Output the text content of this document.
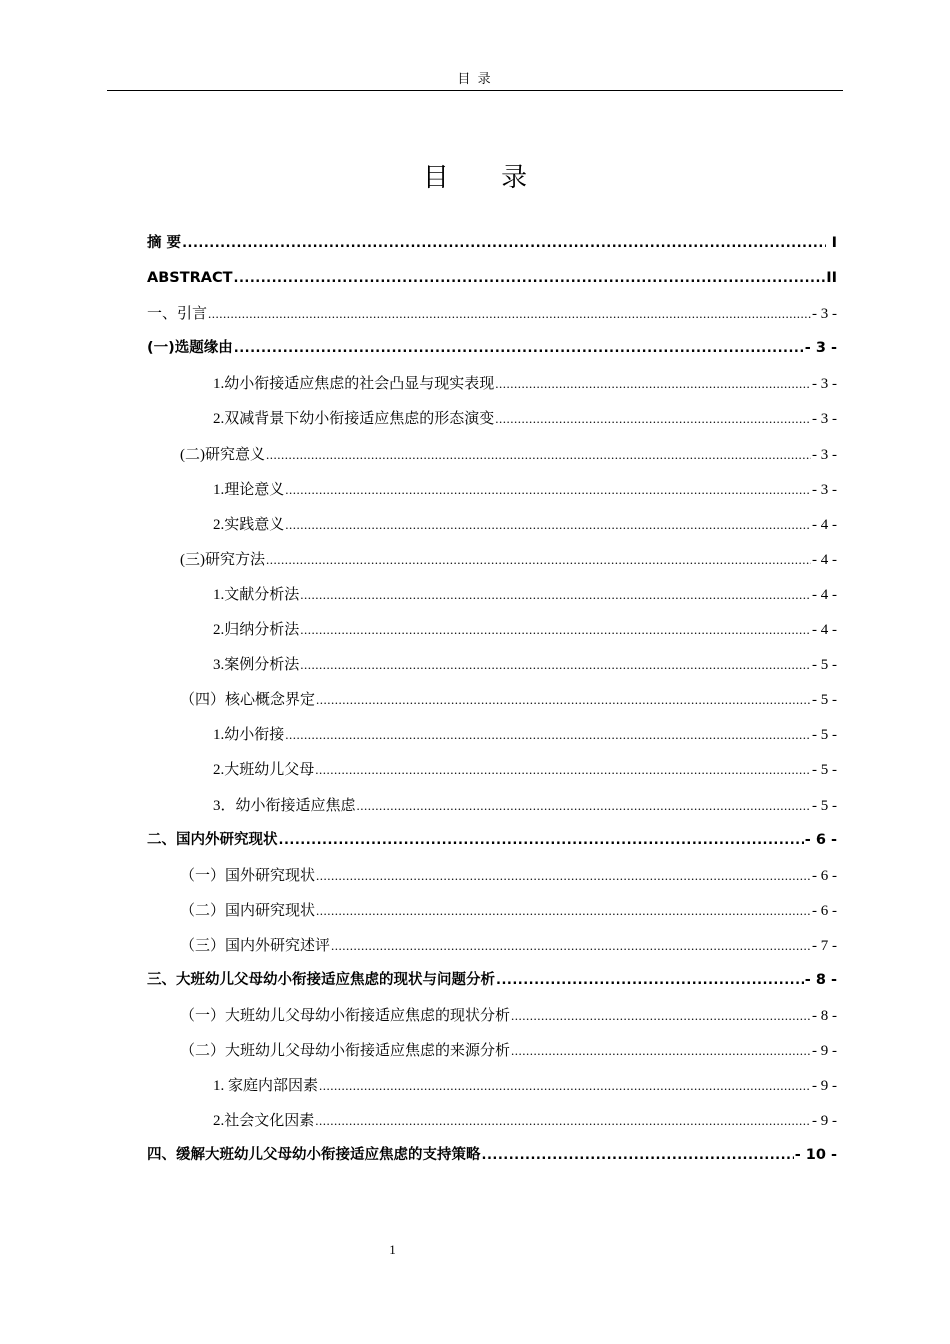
目 录
目 录
摘 要 .....	I
ABSTRACT .....	II
一、引言 .....	- 3 -
(一)选题缘由 .....	- 3 -
1.幼小衔接适应焦虑的社会凸显与现实表现 .....	- 3 -
2.双减背景下幼小衔接适应焦虑的形态演变 .....	- 3 -
(二)研究意义 .....	- 3 -
1.理论意义 .....	- 3 -
2.实践意义 .....	- 4 -
(三)研究方法 .....	- 4 -
1.文献分析法 .....	- 4 -
2.归纳分析法 .....	- 4 -
3.案例分析法 .....	- 5 -
（四）核心概念界定 .....	- 5 -
1.幼小衔接 .....	- 5 -
2.大班幼儿父母 .....	- 5 -
3．幼小衔接适应焦虑 .....	- 5 -
二、国内外研究现状 .....	- 6 -
（一）国外研究现状 .....	- 6 -
（二）国内研究现状 .....	- 6 -
（三）国内外研究述评 .....	- 7 -
三、大班幼儿父母幼小衔接适应焦虑的现状与问题分析 .....	- 8 -
（一）大班幼儿父母幼小衔接适应焦虑的现状分析 .....	- 8 -
（二）大班幼儿父母幼小衔接适应焦虑的来源分析 .....	- 9 -
1. 家庭内部因素 .....	- 9 -
2.社会文化因素 .....	- 9 -
四、缓解大班幼儿父母幼小衔接适应焦虑的支持策略 .....	- 10 -
1
